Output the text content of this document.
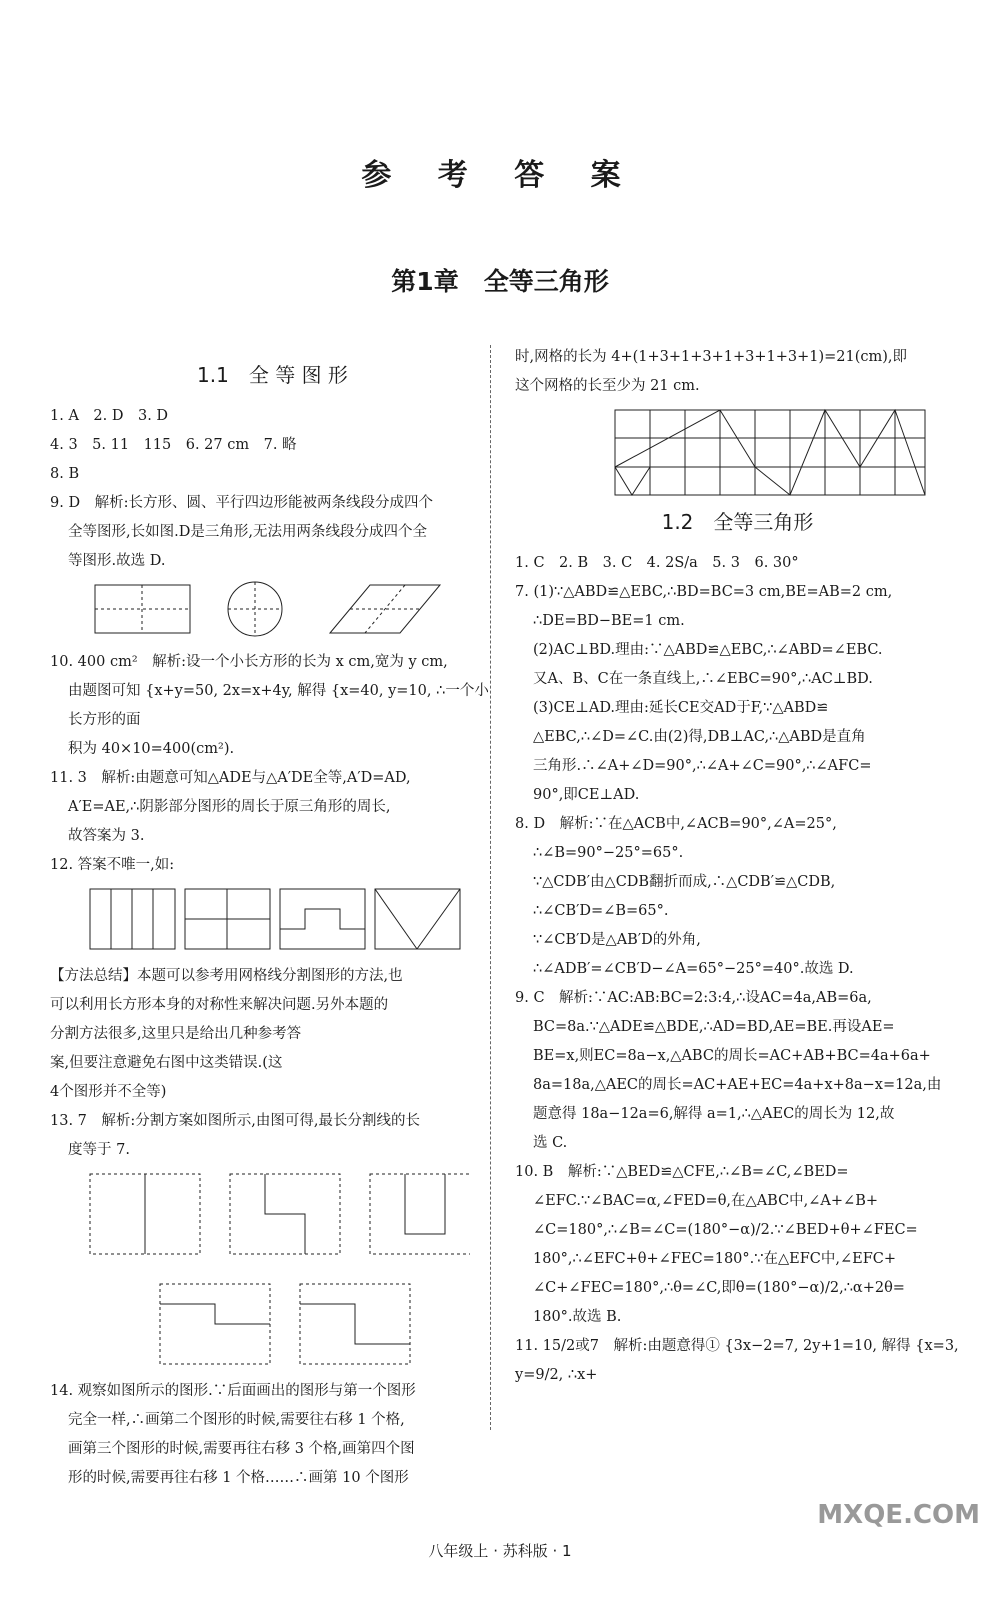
参 考 答 案
第1章　全等三角形
1.1　全 等 图 形

1. A　2. D　3. D

4. 3　5. 11　115　6. 27 cm　7. 略

8. B

9. D　解析:长方形、圆、平行四边形能被两条线段分成四个

全等图形,长如图.D是三角形,无法用两条线段分成四个全

等图形.故选 D.

10. 400 cm²　解析:设一个小长方形的长为 x cm,宽为 y cm,

由题图可知 {x+y=50, 2x=x+4y, 解得 {x=40, y=10, ∴一个小长方形的面

积为 40×10=400(cm²).

11. 3　解析:由题意可知△ADE与△A′DE全等,A′D=AD,

A′E=AE,∴阴影部分图形的周长于原三角形的周长,

故答案为 3.

12. 答案不唯一,如:

【方法总结】本题可以参考用网格线分割图形的方法,也

可以利用长方形本身的对称性来解决问题.另外本题的

分割方法很多,这里只是给出几种参考答

案,但要注意避免右图中这类错误.(这

4个图形并不全等)

13. 7　解析:分割方案如图所示,由图可得,最长分割线的长

度等于 7.

14. 观察如图所示的图形.∵后面画出的图形与第一个图形

完全一样,∴画第二个图形的时候,需要往右移 1 个格,

画第三个图形的时候,需要再往右移 3 个格,画第四个图

形的时候,需要再往右移 1 个格……∴画第 10 个图形

时,网格的长为 4+(1+3+1+3+1+3+1+3+1)=21(cm),即

这个网格的长至少为 21 cm.

1.2　全等三角形

1. C　2. B　3. C　4. 2S/a　5. 3　6. 30°

7. (1)∵△ABD≌△EBC,∴BD=BC=3 cm,BE=AB=2 cm,

∴DE=BD−BE=1 cm.

(2)AC⊥BD.理由:∵△ABD≌△EBC,∴∠ABD=∠EBC.

又A、B、C在一条直线上,∴∠EBC=90°,∴AC⊥BD.

(3)CE⊥AD.理由:延长CE交AD于F,∵△ABD≌

△EBC,∴∠D=∠C.由(2)得,DB⊥AC,∴△ABD是直角

三角形.∴∠A+∠D=90°,∴∠A+∠C=90°,∴∠AFC=

90°,即CE⊥AD.

8. D　解析:∵在△ACB中,∠ACB=90°,∠A=25°,

∴∠B=90°−25°=65°.

∵△CDB′由△CDB翻折而成,∴△CDB′≌△CDB,

∴∠CB′D=∠B=65°.

∵∠CB′D是△AB′D的外角,

∴∠ADB′=∠CB′D−∠A=65°−25°=40°.故选 D.

9. C　解析:∵AC:AB:BC=2:3:4,∴设AC=4a,AB=6a,

BC=8a.∵△ADE≌△BDE,∴AD=BD,AE=BE.再设AE=

BE=x,则EC=8a−x,△ABC的周长=AC+AB+BC=4a+6a+

8a=18a,△AEC的周长=AC+AE+EC=4a+x+8a−x=12a,由

题意得 18a−12a=6,解得 a=1,∴△AEC的周长为 12,故

选 C.

10. B　解析:∵△BED≌△CFE,∴∠B=∠C,∠BED=

∠EFC.∵∠BAC=α,∠FED=θ,在△ABC中,∠A+∠B+

∠C=180°,∴∠B=∠C=(180°−α)/2.∵∠BED+θ+∠FEC=

180°,∴∠EFC+θ+∠FEC=180°.∵在△EFC中,∠EFC+

∠C+∠FEC=180°,∴θ=∠C,即θ=(180°−α)/2,∴α+2θ=

180°.故选 B.

11. 15/2或7　解析:由题意得① {3x−2=7, 2y+1=10, 解得 {x=3, y=9/2, ∴x+

八年级上 · 苏科版 · 1
MXQE.COM
